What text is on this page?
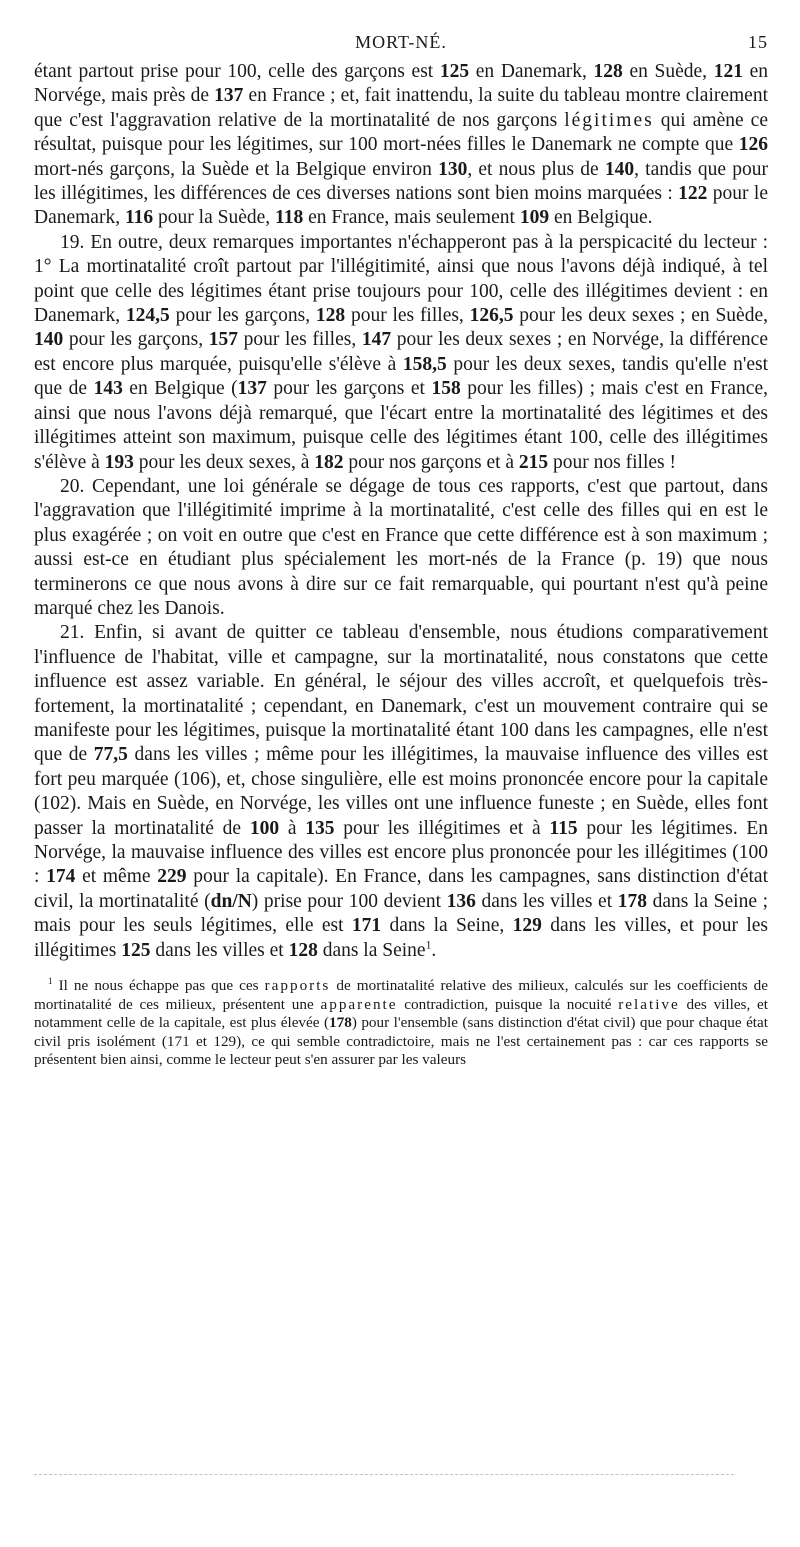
MORT-NÉ.	15

étant partout prise pour 100, celle des garçons est 125 en Danemark, 128 en Suède, 121 en Norvége, mais près de 137 en France ; et, fait inattendu, la suite du tableau montre clairement que c'est l'aggravation relative de la mortinatalité de nos garçons légitimes qui amène ce résultat, puisque pour les légitimes, sur 100 mort-nées filles le Danemark ne compte que 126 mort-nés garçons, la Suède et la Belgique environ 130, et nous plus de 140, tandis que pour les illégitimes, les différences de ces diverses nations sont bien moins marquées : 122 pour le Danemark, 116 pour la Suède, 118 en France, mais seulement 109 en Belgique.

19. En outre, deux remarques importantes n'échapperont pas à la perspicacité du lecteur : 1° La mortinatalité croît partout par l'illégitimité, ainsi que nous l'avons déjà indiqué, à tel point que celle des légitimes étant prise toujours pour 100, celle des illégitimes devient : en Danemark, 124,5 pour les garçons, 128 pour les filles, 126,5 pour les deux sexes ; en Suède, 140 pour les garçons, 157 pour les filles, 147 pour les deux sexes ; en Norvége, la différence est encore plus marquée, puisqu'elle s'élève à 158,5 pour les deux sexes, tandis qu'elle n'est que de 143 en Belgique (137 pour les garçons et 158 pour les filles) ; mais c'est en France, ainsi que nous l'avons déjà remarqué, que l'écart entre la mortinatalité des légitimes et des illégitimes atteint son maximum, puisque celle des légitimes étant 100, celle des illégitimes s'élève à 193 pour les deux sexes, à 182 pour nos garçons et à 215 pour nos filles !

20. Cependant, une loi générale se dégage de tous ces rapports, c'est que partout, dans l'aggravation que l'illégitimité imprime à la mortinatalité, c'est celle des filles qui en est le plus exagérée ; on voit en outre que c'est en France que cette différence est à son maximum ; aussi est-ce en étudiant plus spécialement les mort-nés de la France (p. 19) que nous terminerons ce que nous avons à dire sur ce fait remarquable, qui pourtant n'est qu'à peine marqué chez les Danois.

21. Enfin, si avant de quitter ce tableau d'ensemble, nous étudions comparativement l'influence de l'habitat, ville et campagne, sur la mortinatalité, nous constatons que cette influence est assez variable. En général, le séjour des villes accroît, et quelquefois très-fortement, la mortinatalité ; cependant, en Danemark, c'est un mouvement contraire qui se manifeste pour les légitimes, puisque la mortinatalité étant 100 dans les campagnes, elle n'est que de 77,5 dans les villes ; même pour les illégitimes, la mauvaise influence des villes est fort peu marquée (106), et, chose singulière, elle est moins prononcée encore pour la capitale (102). Mais en Suède, en Norvége, les villes ont une influence funeste ; en Suède, elles font passer la mortinatalité de 100 à 135 pour les illégitimes et à 115 pour les légitimes. En Norvége, la mauvaise influence des villes est encore plus prononcée pour les illégitimes (100 : 174 et même 229 pour la capitale). En France, dans les campagnes, sans distinction d'état civil, la mortinatalité (dn/N) prise pour 100 devient 136 dans les villes et 178 dans la Seine ; mais pour les seuls légitimes, elle est 171 dans la Seine, 129 dans les villes, et pour les illégitimes 125 dans les villes et 128 dans la Seine$^1$.

$^1$ Il ne nous échappe pas que ces rapports de mortinatalité relative des milieux, calculés sur les coefficients de mortinatalité de ces milieux, présentent une apparente contradiction, puisque la nocuité relative des villes, et notamment celle de la capitale, est plus élevée (178) pour l'ensemble (sans distinction d'état civil) que pour chaque état civil pris isolément (171 et 129), ce qui semble contradictoire, mais ne l'est certainement pas : car ces rapports se présentent bien ainsi, comme le lecteur peut s'en assurer par les valeurs
